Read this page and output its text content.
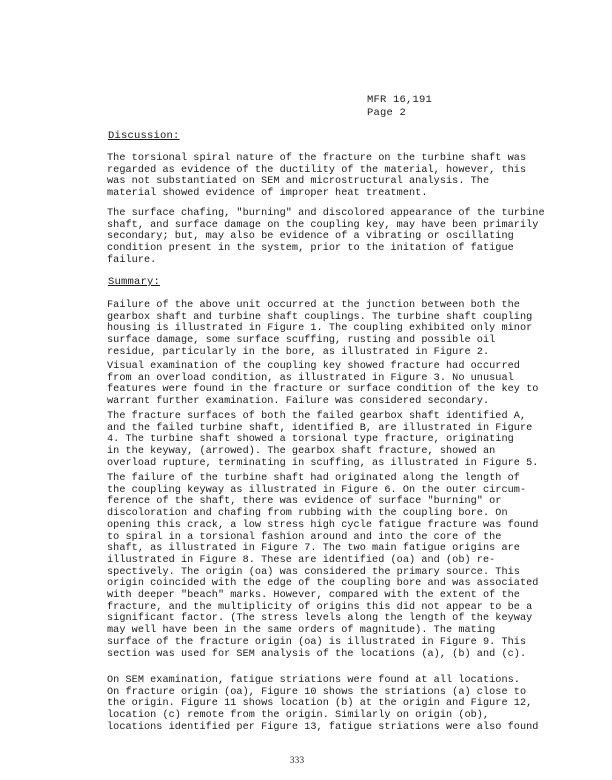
MFR 16,191
Page 2
Discussion:
The torsional spiral nature of the fracture on the turbine shaft was
regarded as evidence of the ductility of the material, however, this
was not substantiated on SEM and microstructural analysis. The
material showed evidence of improper heat treatment.
The surface chafing, "burning" and discolored appearance of the turbine
shaft, and surface damage on the coupling key, may have been primarily
secondary; but, may also be evidence of a vibrating or oscillating
condition present in the system, prior to the initation of fatigue
failure.
Summary:
Failure of the above unit occurred at the junction between both the
gearbox shaft and turbine shaft couplings. The turbine shaft coupling
housing is illustrated in Figure 1. The coupling exhibited only minor
surface damage, some surface scuffing, rusting and possible oil
residue, particularly in the bore, as illustrated in Figure 2.
Visual examination of the coupling key showed fracture had occurred
from an overload condition, as illustrated in Figure 3. No unusual
features were found in the fracture or surface condition of the key to
warrant further examination. Failure was considered secondary.
The fracture surfaces of both the failed gearbox shaft identified A,
and the failed turbine shaft, identified B, are illustrated in Figure
4. The turbine shaft showed a torsional type fracture, originating
in the keyway, (arrowed). The gearbox shaft fracture, showed an
overload rupture, terminating in scuffing, as illustrated in Figure 5.
The failure of the turbine shaft had originated along the length of
the coupling keyway as illustrated in Figure 6. On the outer circum-
ference of the shaft, there was evidence of surface "burning" or
discoloration and chafing from rubbing with the coupling bore. On
opening this crack, a low stress high cycle fatigue fracture was found
to spiral in a torsional fashion around and into the core of the
shaft, as illustrated in Figure 7. The two main fatigue origins are
illustrated in Figure 8. These are identified (oa) and (ob) re-
spectively. The origin (oa) was considered the primary source. This
origin coincided with the edge of the coupling bore and was associated
with deeper "beach" marks. However, compared with the extent of the
fracture, and the multiplicity of origins this did not appear to be a
significant factor. (The stress levels along the length of the keyway
may well have been in the same orders of magnitude). The mating
surface of the fracture origin (oa) is illustrated in Figure 9. This
section was used for SEM analysis of the locations (a), (b) and (c).
On SEM examination, fatigue striations were found at all locations.
On fracture origin (oa), Figure 10 shows the striations (a) close to
the origin. Figure 11 shows location (b) at the origin and Figure 12,
location (c) remote from the origin. Similarly on origin (ob),
locations identified per Figure 13, fatigue striations were also found
333
